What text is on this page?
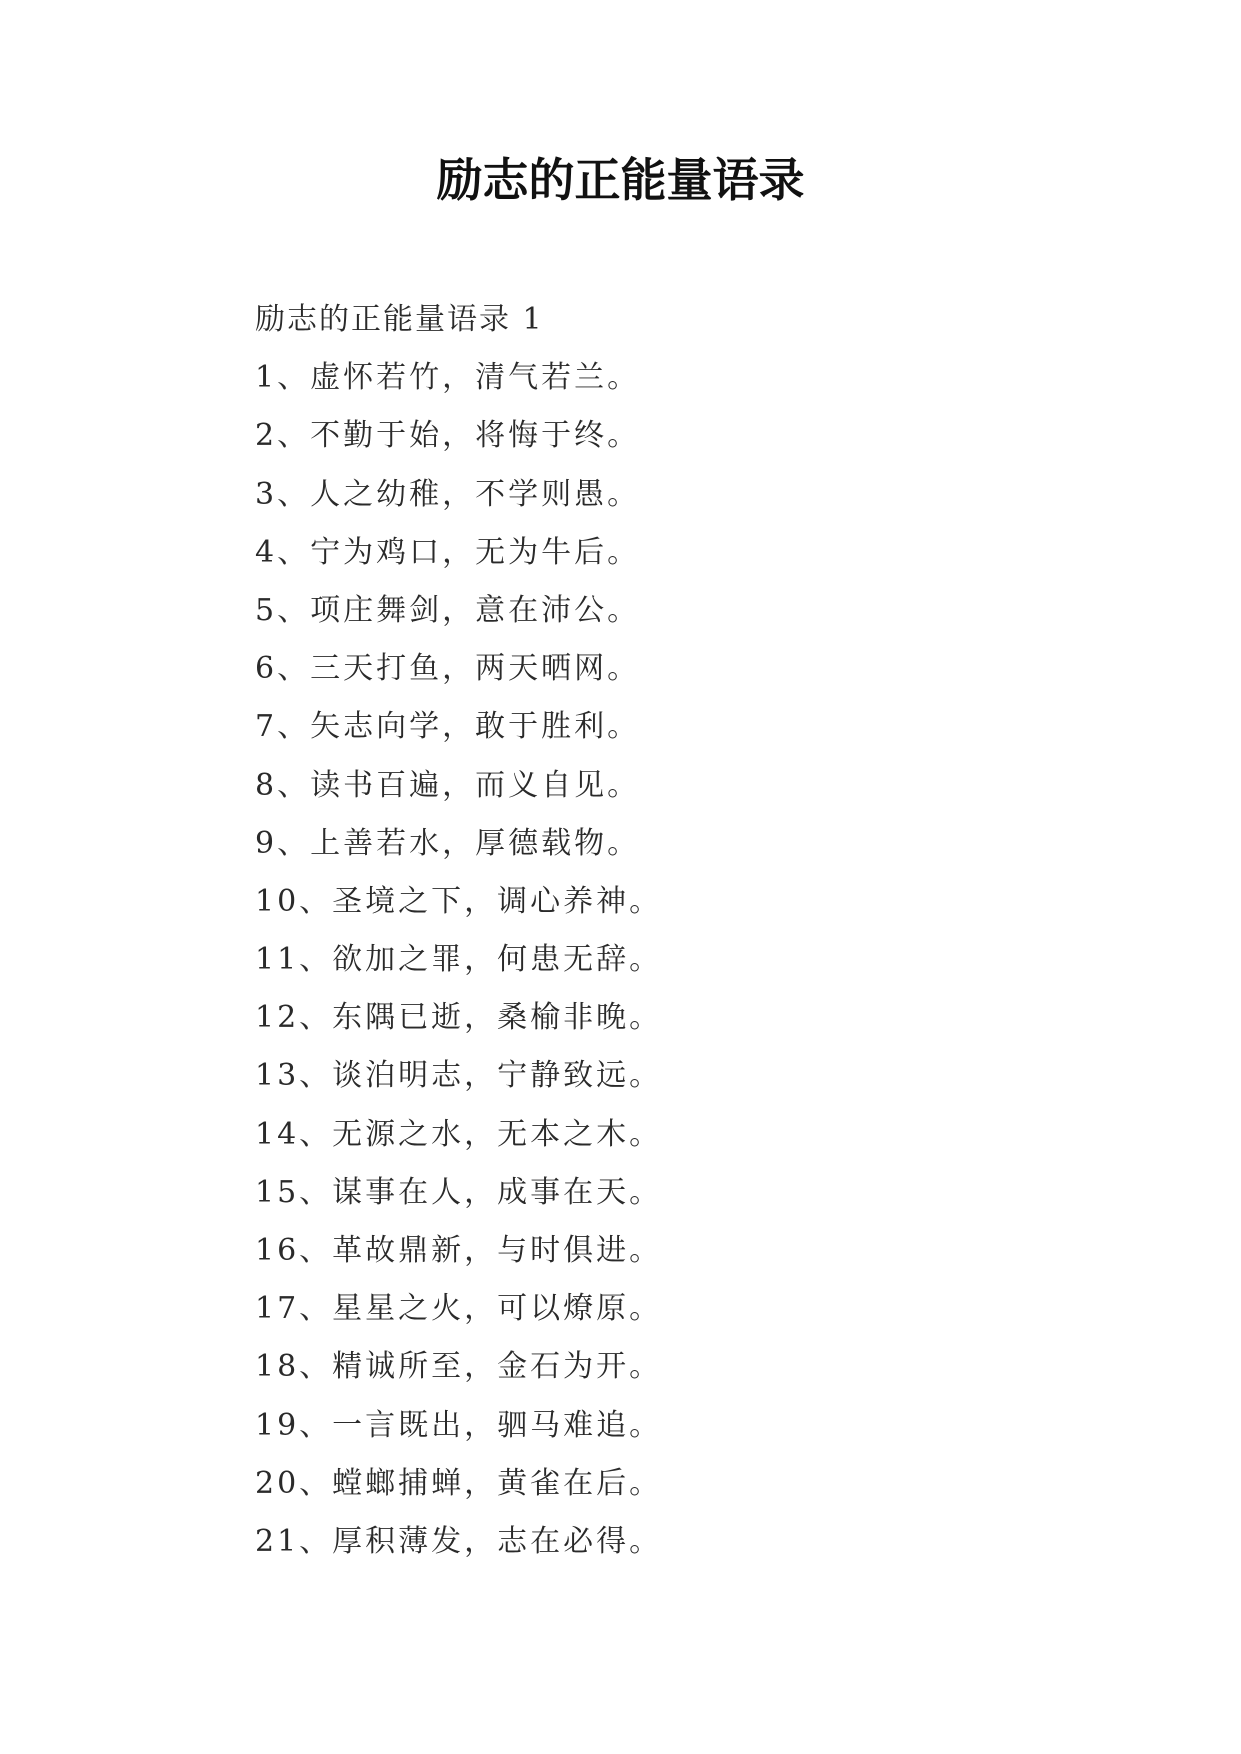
励志的正能量语录
励志的正能量语录 1
1、虚怀若竹，清气若兰。
2、不勤于始，将悔于终。
3、人之幼稚，不学则愚。
4、宁为鸡口，无为牛后。
5、项庄舞剑，意在沛公。
6、三天打鱼，两天晒网。
7、矢志向学，敢于胜利。
8、读书百遍，而义自见。
9、上善若水，厚德载物。
10、圣境之下，调心养神。
11、欲加之罪，何患无辞。
12、东隅已逝，桑榆非晚。
13、谈泊明志，宁静致远。
14、无源之水，无本之木。
15、谋事在人，成事在天。
16、革故鼎新，与时俱进。
17、星星之火，可以燎原。
18、精诚所至，金石为开。
19、一言既出，驷马难追。
20、螳螂捕蝉，黄雀在后。
21、厚积薄发，志在必得。
